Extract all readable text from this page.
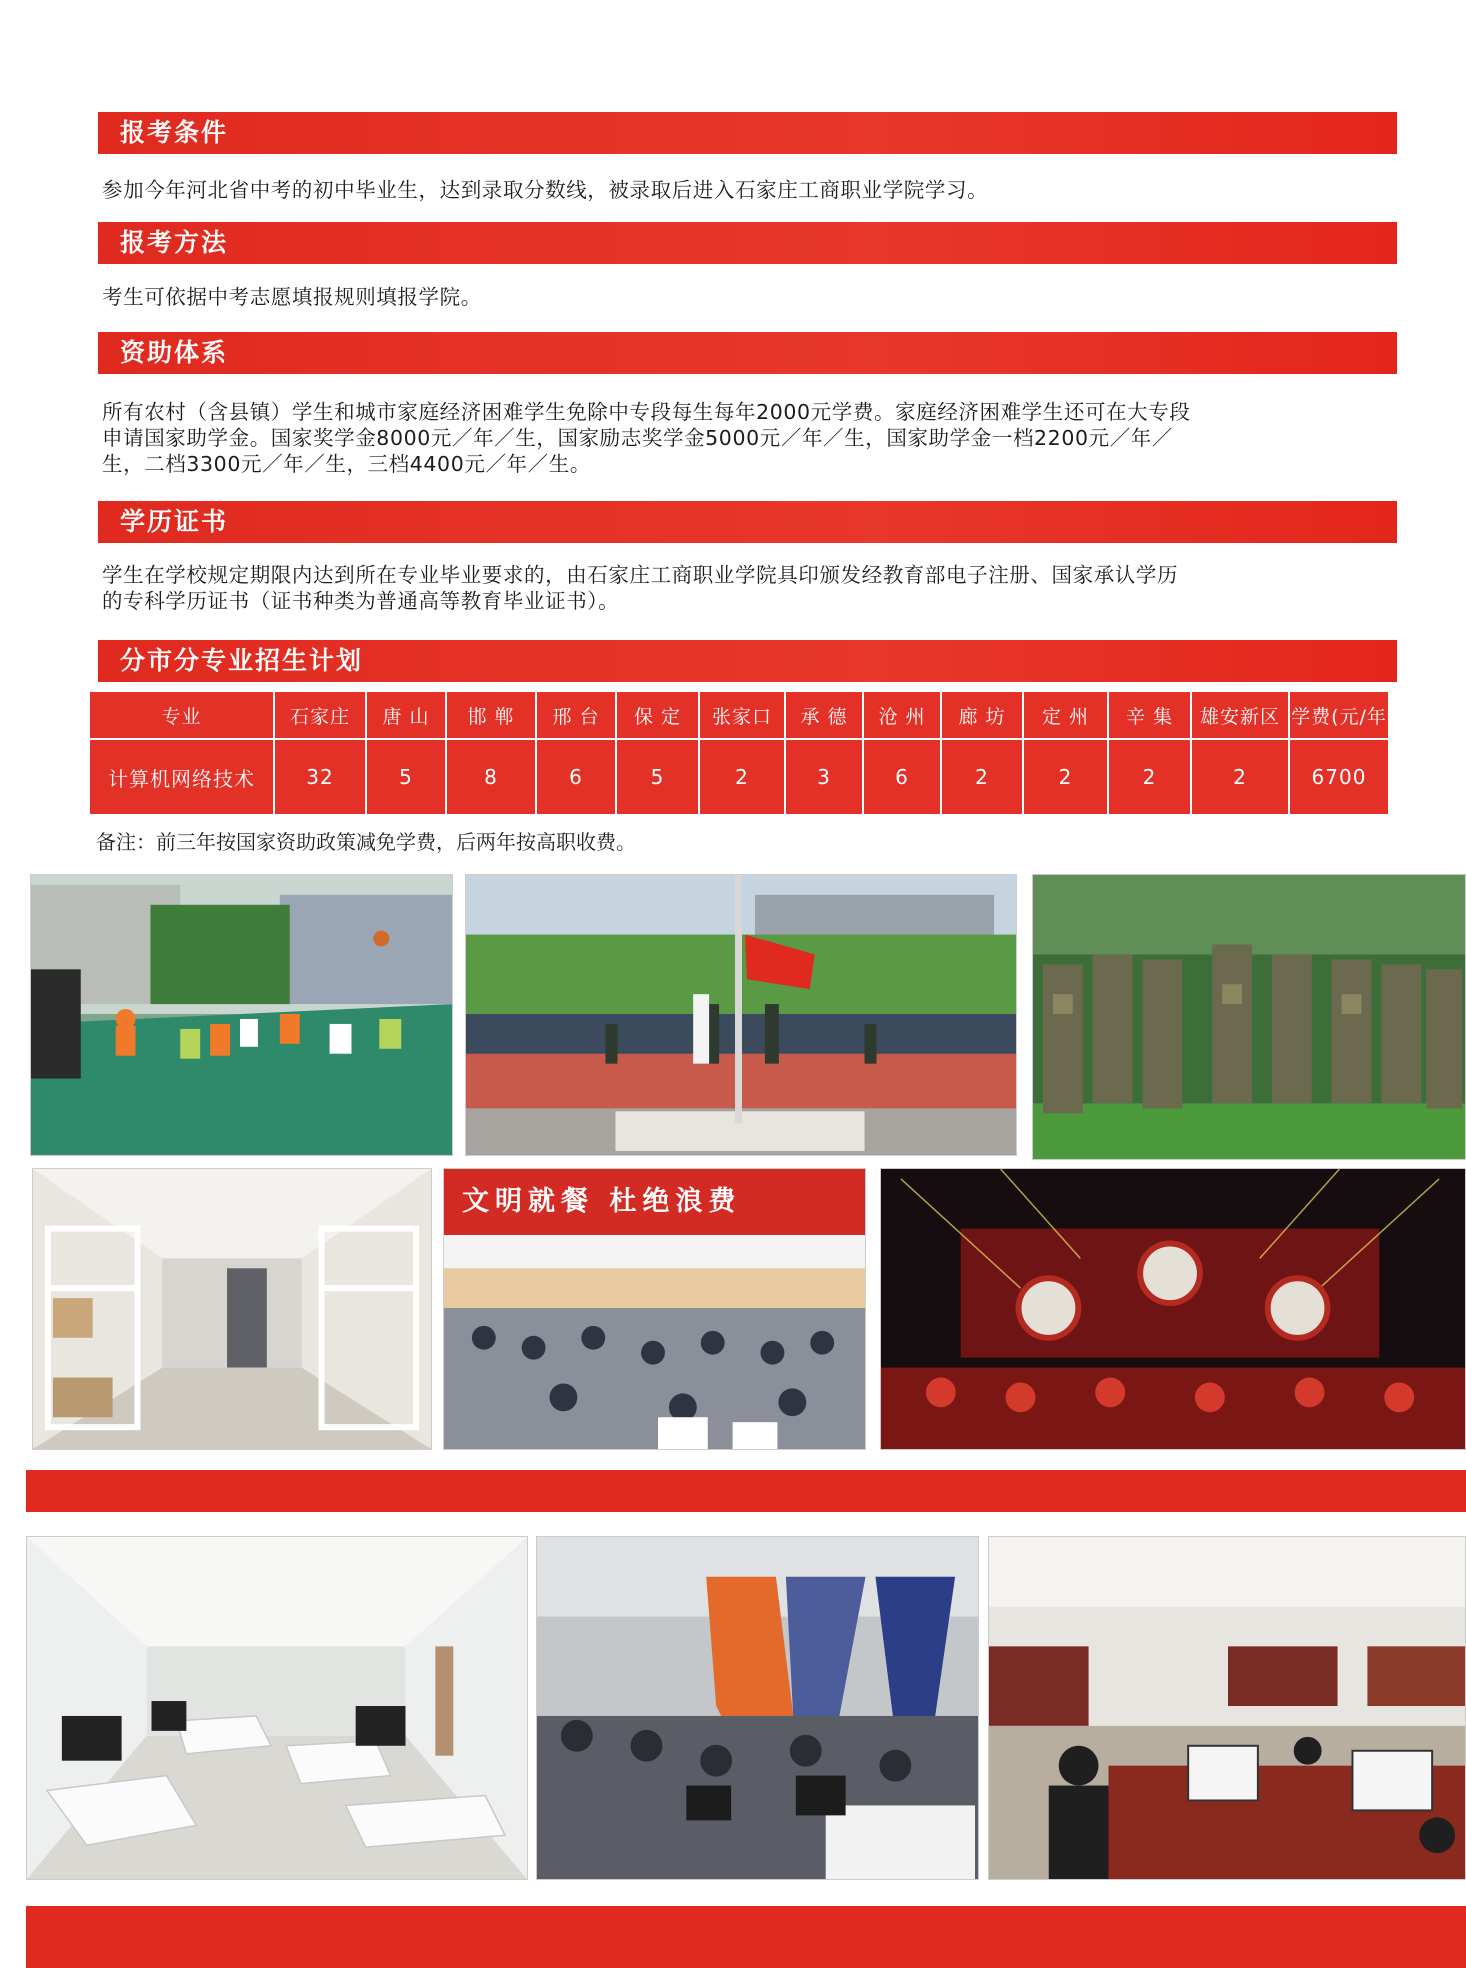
报考条件
参加今年河北省中考的初中毕业生，达到录取分数线，被录取后进入石家庄工商职业学院学习。
报考方法
考生可依据中考志愿填报规则填报学院。
资助体系
所有农村（含县镇）学生和城市家庭经济困难学生免除中专段每生每年2000元学费。家庭经济困难学生还可在大专段
申请国家助学金。国家奖学金8000元／年／生，国家励志奖学金5000元／年／生，国家助学金一档2200元／年／
生，二档3300元／年／生，三档4400元／年／生。
学历证书
学生在学校规定期限内达到所在专业毕业要求的，由石家庄工商职业学院具印颁发经教育部电子注册、国家承认学历
的专科学历证书（证书种类为普通高等教育毕业证书）。
分市分专业招生计划
专业	石家庄	唐 山	邯 郸	邢 台	保 定	张家口	承 德	沧 州	廊 坊	定 州	辛 集	雄安新区	学费(元/年
计算机网络技术	32	5	8	6	5	2	3	6	2	2	2	2	6700
备注：前三年按国家资助政策减免学费，后两年按高职收费。
文明就餐 杜绝浪费
